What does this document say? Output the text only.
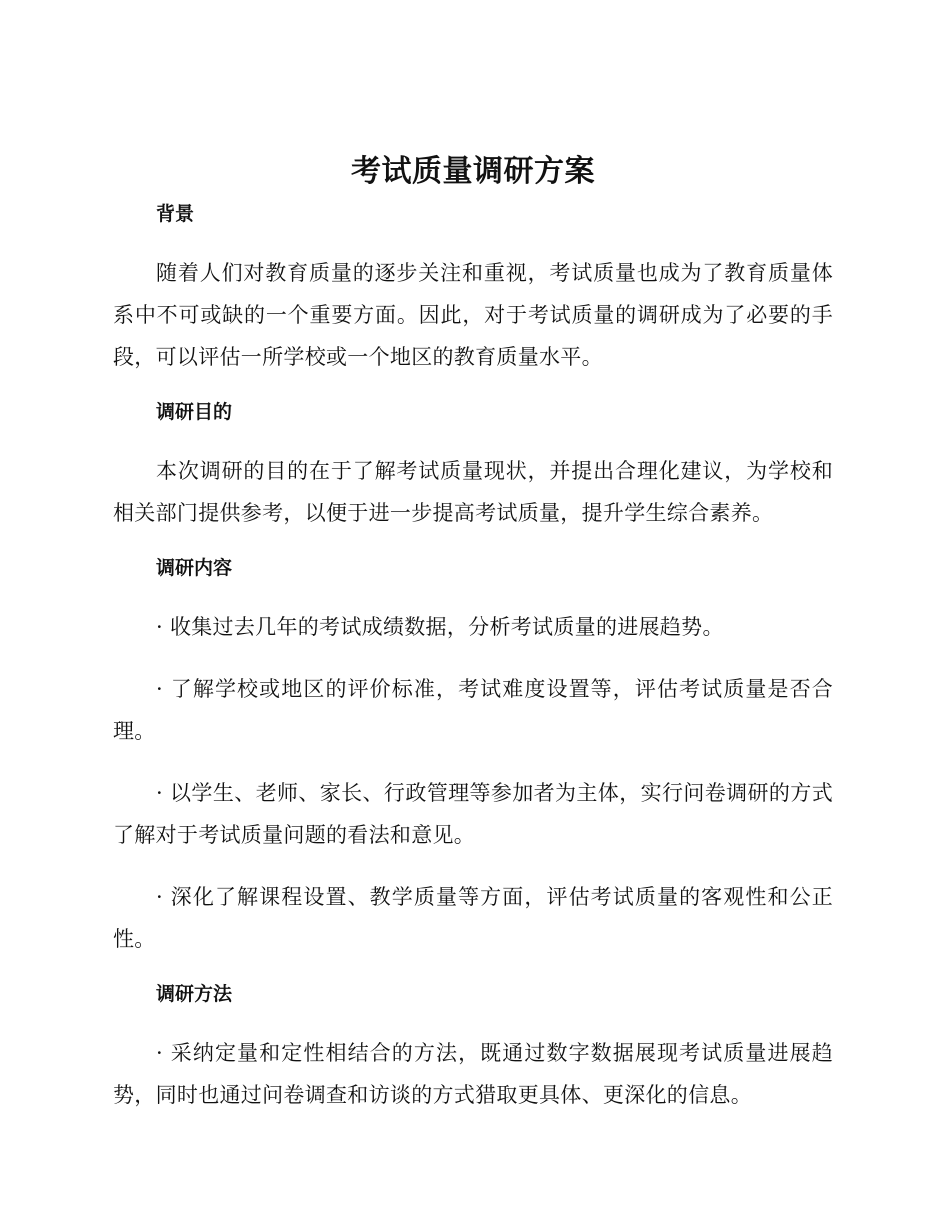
考试质量调研方案
背景

随着人们对教育质量的逐步关注和重视，考试质量也成为了教育质量体系中不可或缺的一个重要方面。因此，对于考试质量的调研成为了必要的手段，可以评估一所学校或一个地区的教育质量水平。

调研目的

本次调研的目的在于了解考试质量现状，并提出合理化建议，为学校和相关部门提供参考，以便于进一步提高考试质量，提升学生综合素养。

调研内容

· 收集过去几年的考试成绩数据，分析考试质量的进展趋势。

· 了解学校或地区的评价标准，考试难度设置等，评估考试质量是否合理。

· 以学生、老师、家长、行政管理等参加者为主体，实行问卷调研的方式了解对于考试质量问题的看法和意见。

· 深化了解课程设置、教学质量等方面，评估考试质量的客观性和公正性。

调研方法

· 采纳定量和定性相结合的方法，既通过数字数据展现考试质量进展趋势，同时也通过问卷调查和访谈的方式猎取更具体、更深化的信息。
